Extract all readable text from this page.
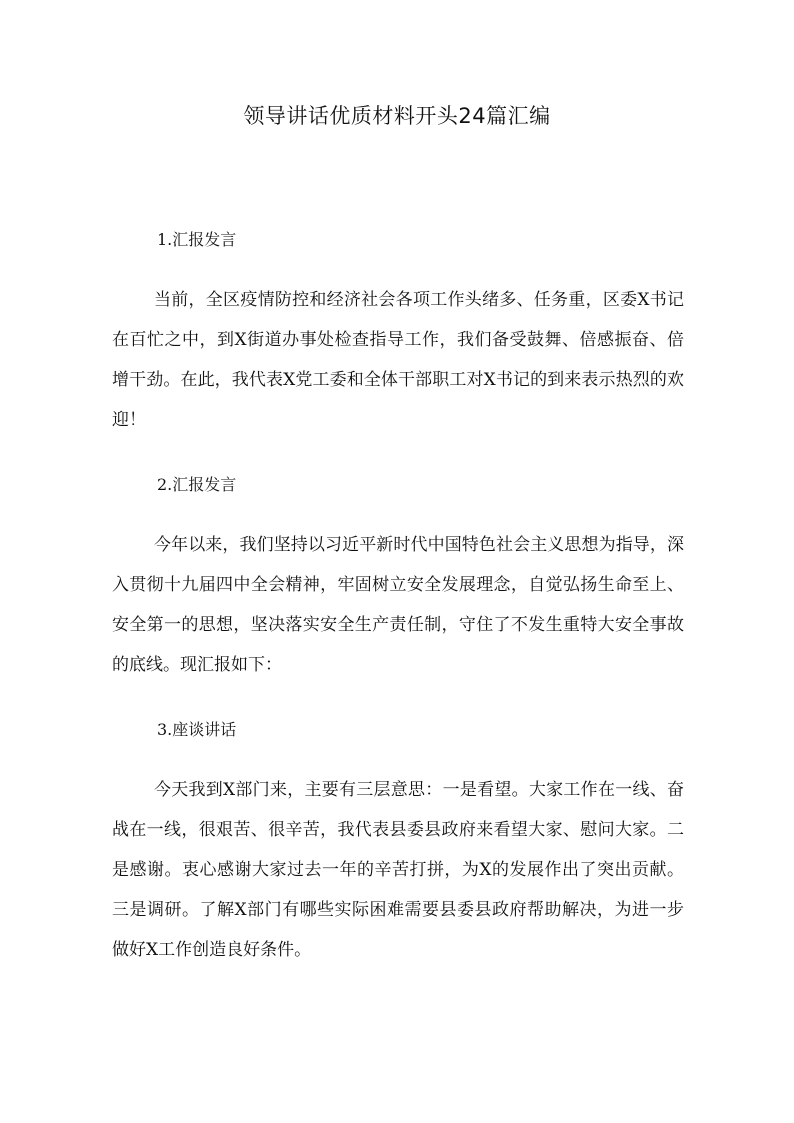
领导讲话优质材料开头24篇汇编

1.汇报发言

当前，全区疫情防控和经济社会各项工作头绪多、任务重，区委X书记在百忙之中，到X街道办事处检查指导工作，我们备受鼓舞、倍感振奋、倍增干劲。在此，我代表X党工委和全体干部职工对X书记的到来表示热烈的欢迎！

2.汇报发言

今年以来，我们坚持以习近平新时代中国特色社会主义思想为指导，深入贯彻十九届四中全会精神，牢固树立安全发展理念，自觉弘扬生命至上、安全第一的思想，坚决落实安全生产责任制，守住了不发生重特大安全事故的底线。现汇报如下：

3.座谈讲话

今天我到X部门来，主要有三层意思：一是看望。大家工作在一线、奋战在一线，很艰苦、很辛苦，我代表县委县政府来看望大家、慰问大家。二是感谢。衷心感谢大家过去一年的辛苦打拼，为X的发展作出了突出贡献。三是调研。了解X部门有哪些实际困难需要县委县政府帮助解决，为进一步做好X工作创造良好条件。
